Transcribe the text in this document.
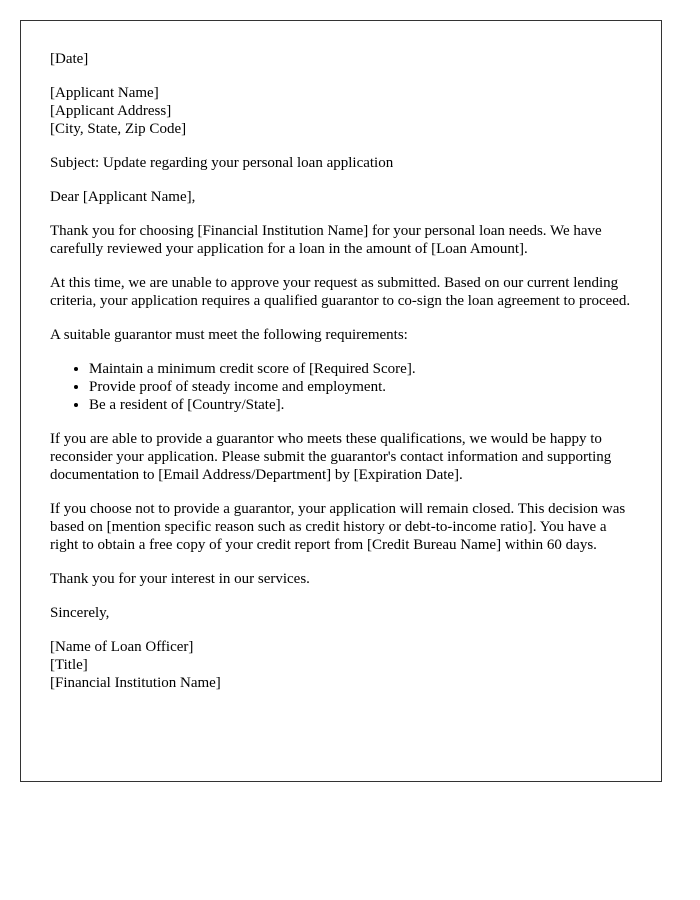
[Date]

[Applicant Name]
[Applicant Address]
[City, State, Zip Code]

Subject: Update regarding your personal loan application

Dear [Applicant Name],

Thank you for choosing [Financial Institution Name] for your personal loan needs. We have carefully reviewed your application for a loan in the amount of [Loan Amount].

At this time, we are unable to approve your request as submitted. Based on our current lending criteria, your application requires a qualified guarantor to co-sign the loan agreement to proceed.

A suitable guarantor must meet the following requirements:

• Maintain a minimum credit score of [Required Score].
• Provide proof of steady income and employment.
• Be a resident of [Country/State].

If you are able to provide a guarantor who meets these qualifications, we would be happy to reconsider your application. Please submit the guarantor's contact information and supporting documentation to [Email Address/Department] by [Expiration Date].

If you choose not to provide a guarantor, your application will remain closed. This decision was based on [mention specific reason such as credit history or debt-to-income ratio]. You have a right to obtain a free copy of your credit report from [Credit Bureau Name] within 60 days.

Thank you for your interest in our services.

Sincerely,

[Name of Loan Officer]
[Title]
[Financial Institution Name]
